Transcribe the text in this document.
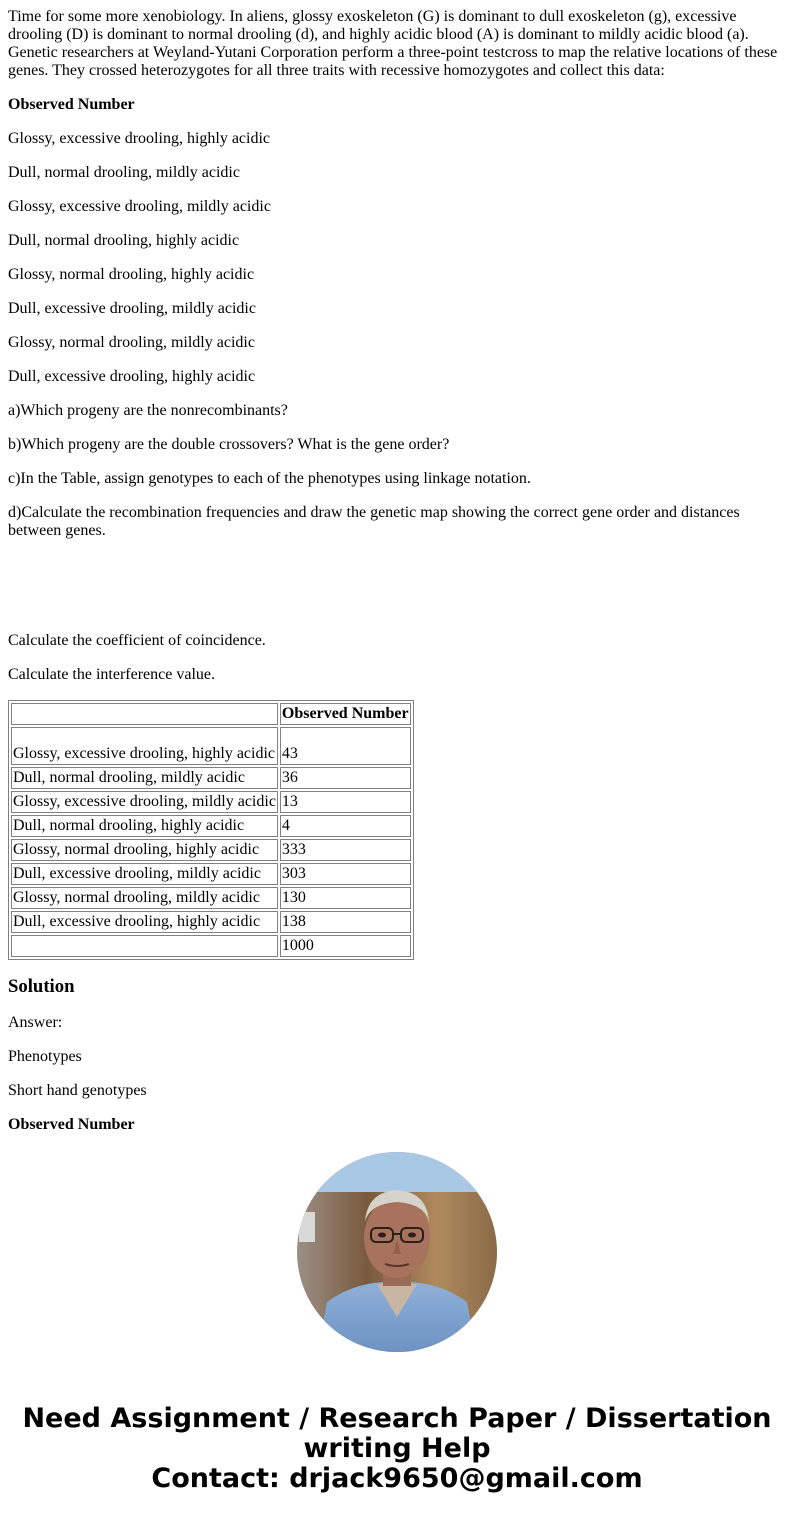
Time for some more xenobiology. In aliens, glossy exoskeleton (G) is dominant to dull exoskeleton (g), excessive drooling (D) is dominant to normal drooling (d), and highly acidic blood (A) is dominant to mildly acidic blood (a). Genetic researchers at Weyland-Yutani Corporation perform a three-point testcross to map the relative locations of these genes. They crossed heterozygotes for all three traits with recessive homozygotes and collect this data:

Observed Number

Glossy, excessive drooling, highly acidic

Dull, normal drooling, mildly acidic

Glossy, excessive drooling, mildly acidic

Dull, normal drooling, highly acidic

Glossy, normal drooling, highly acidic

Dull, excessive drooling, mildly acidic

Glossy, normal drooling, mildly acidic

Dull, excessive drooling, highly acidic

a)Which progeny are the nonrecombinants?

b)Which progeny are the double crossovers? What is the gene order?

c)In the Table, assign genotypes to each of the phenotypes using linkage notation.

d)Calculate the recombination frequencies and draw the genetic map showing the correct gene order and distances between genes.

Calculate the coefficient of coincidence.

Calculate the interference value.

	Observed Number
Glossy, excessive drooling, highly acidic	43
Dull, normal drooling, mildly acidic	36
Glossy, excessive drooling, mildly acidic	13
Dull, normal drooling, highly acidic	4
Glossy, normal drooling, highly acidic	333
Dull, excessive drooling, mildly acidic	303
Glossy, normal drooling, mildly acidic	130
Dull, excessive drooling, highly acidic	138
	1000
Solution

Answer:

Phenotypes

Short hand genotypes

Observed Number

Need Assignment / Research Paper / Dissertation
writing Help
Contact: drjack9650@gmail.com
